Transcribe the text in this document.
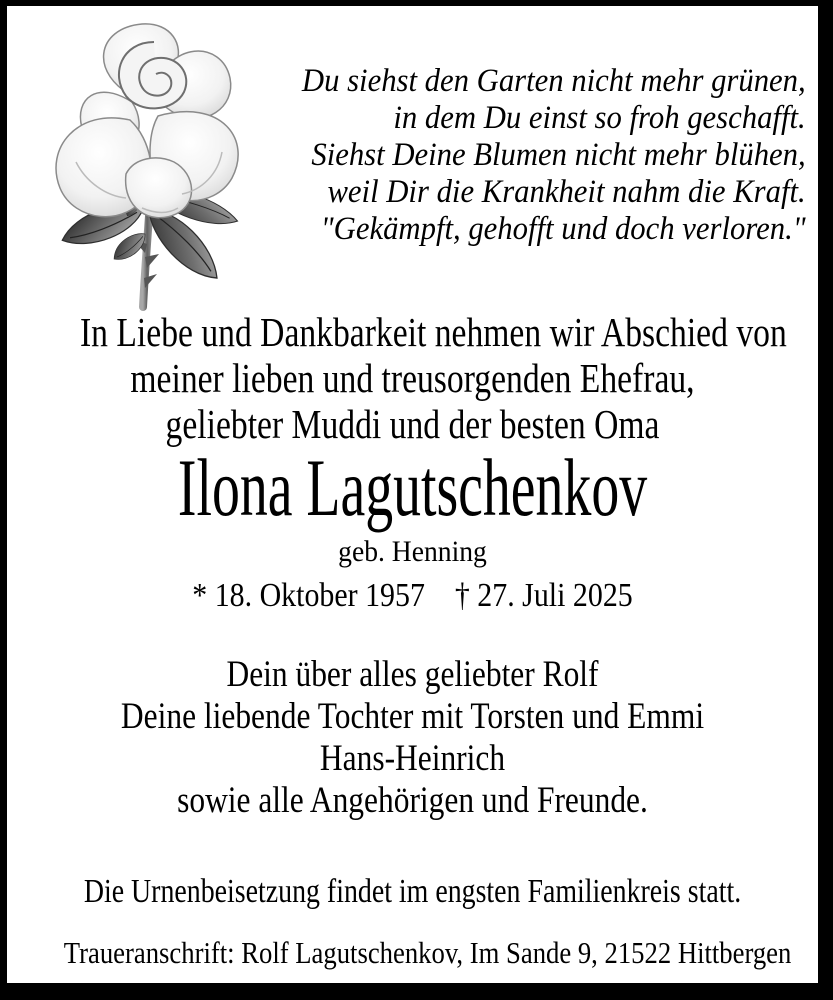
Du siehst den Garten nicht mehr grünen,
in dem Du einst so froh geschafft.
Siehst Deine Blumen nicht mehr blühen,
weil Dir die Krankheit nahm die Kraft.
"Gekämpft, gehofft und doch verloren."
In Liebe und Dankbarkeit nehmen wir Abschied von
meiner lieben und treusorgenden Ehefrau,
geliebter Muddi und der besten Oma
Ilona Lagutschenkov
geb. Henning
* 18. Oktober 1957 † 27. Juli 2025
Dein über alles geliebter Rolf
Deine liebende Tochter mit Torsten und Emmi
Hans-Heinrich
sowie alle Angehörigen und Freunde.
Die Urnenbeisetzung findet im engsten Familienkreis statt.
Traueranschrift: Rolf Lagutschenkov, Im Sande 9, 21522 Hittbergen
